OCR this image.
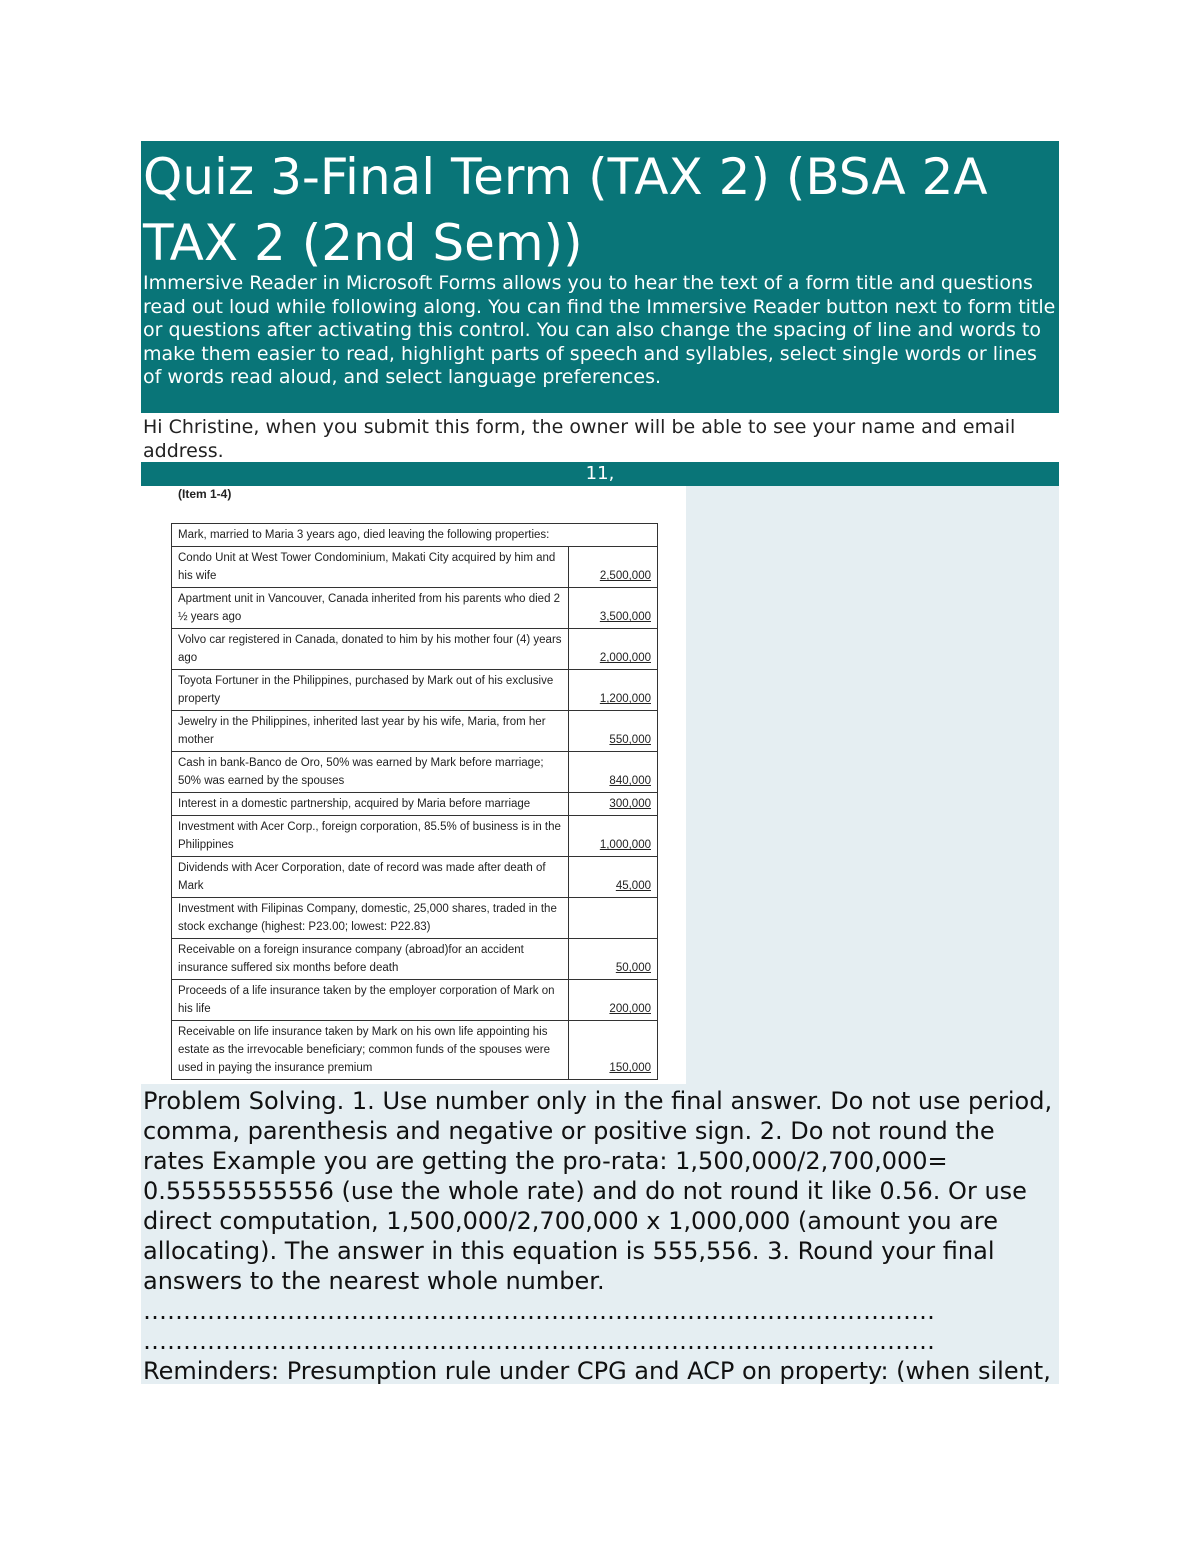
Quiz 3-Final Term (TAX 2) (BSA 2A TAX 2 (2nd Sem))

Immersive Reader in Microsoft Forms allows you to hear the text of a form title and questions read out loud while following along. You can find the Immersive Reader button next to form title or questions after activating this control. You can also change the spacing of line and words to make them easier to read, highlight parts of speech and syllables, select single words or lines of words read aloud, and select language preferences.

Hi Christine, when you submit this form, the owner will be able to see your name and email address.

11,
(Item 1-4)
Mark, married to Maria 3 years ago, died leaving the following properties:	
Condo Unit at West Tower Condominium, Makati City acquired by him and his wife	2,500,000
Apartment unit in Vancouver, Canada inherited from his parents who died 2 ½ years ago	3,500,000
Volvo car registered in Canada, donated to him by his mother four (4) years ago	2,000,000
Toyota Fortuner in the Philippines, purchased by Mark out of his exclusive property	1,200,000
Jewelry in the Philippines, inherited last year by his wife, Maria, from her mother	550,000
Cash in bank-Banco de Oro, 50% was earned by Mark before marriage; 50% was earned by the spouses	840,000
Interest in a domestic partnership, acquired by Maria before marriage	300,000
Investment with Acer Corp., foreign corporation, 85.5% of business is in the Philippines	1,000,000
Dividends with Acer Corporation, date of record was made after death of Mark	45,000
Investment with Filipinas Company, domestic, 25,000 shares, traded in the stock exchange (highest: P23.00; lowest: P22.83)	
Receivable on a foreign insurance company (abroad)for an accident insurance suffered six months before death	50,000
Proceeds of a life insurance taken by the employer corporation of Mark on his life	200,000
Receivable on life insurance taken by Mark on his own life appointing his estate as the irrevocable beneficiary; common funds of the spouses were used in paying the insurance premium	150,000

Problem Solving. 1. Use number only in the final answer. Do not use period, comma, parenthesis and negative or positive sign. 2. Do not round the rates Example you are getting the pro-rata: 1,500,000/2,700,000= 0.55555555556 (use the whole rate) and do not round it like 0.56. Or use direct computation, 1,500,000/2,700,000 x 1,000,000 (amount you are allocating). The answer in this equation is 555,556. 3. Round your final answers to the nearest whole number. ……………………………………………………………………………………… ……………………………………………………………………………………… Reminders: Presumption rule under CPG and ACP on property: (when silent,
